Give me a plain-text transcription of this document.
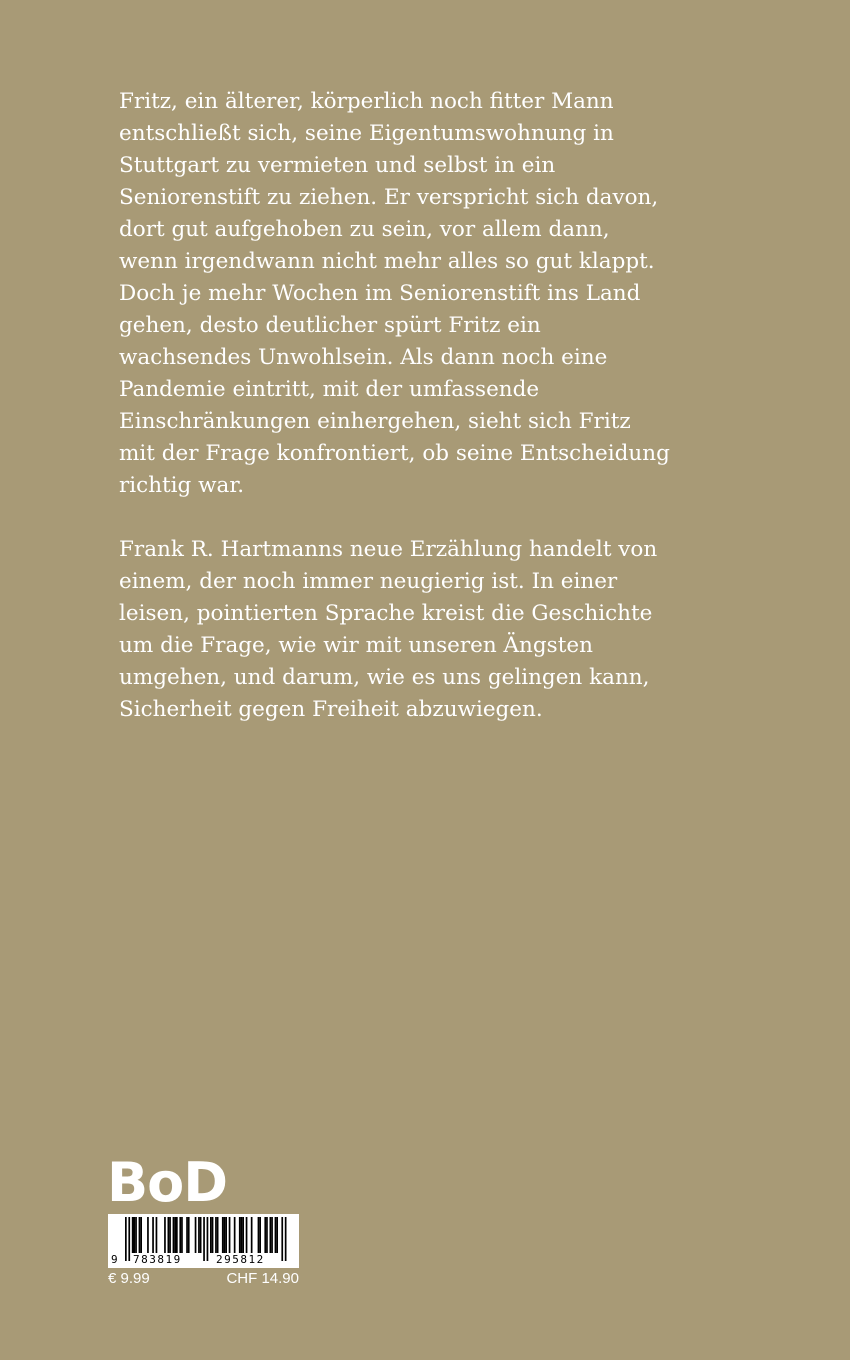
Fritz, ein älterer, körperlich noch fitter Mann
entschließt sich, seine Eigentumswohnung in
Stuttgart zu vermieten und selbst in ein
Seniorenstift zu ziehen. Er verspricht sich davon,
dort gut aufgehoben zu sein, vor allem dann,
wenn irgendwann nicht mehr alles so gut klappt.
Doch je mehr Wochen im Seniorenstift ins Land
gehen, desto deutlicher spürt Fritz ein
wachsendes Unwohlsein. Als dann noch eine
Pandemie eintritt, mit der umfassende
Einschränkungen einhergehen, sieht sich Fritz
mit der Frage konfrontiert, ob seine Entscheidung
richtig war.

Frank R. Hartmanns neue Erzählung handelt von
einem, der noch immer neugierig ist. In einer
leisen, pointierten Sprache kreist die Geschichte
um die Frage, wie wir mit unseren Ängsten
umgehen, und darum, wie es uns gelingen kann,
Sicherheit gegen Freiheit abzuwiegen.

BoD
9 783819	295812
€ 9.99	CHF 14.90
